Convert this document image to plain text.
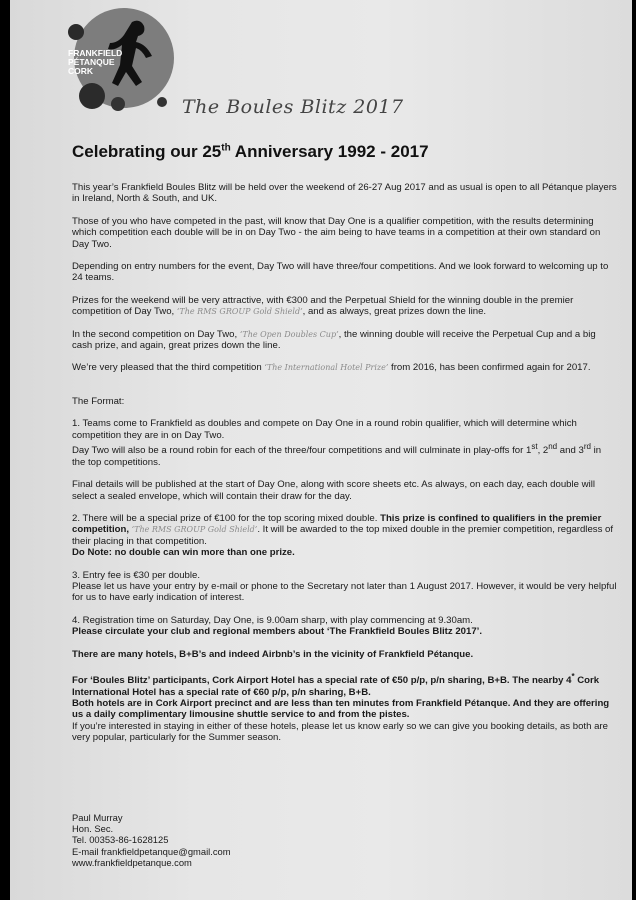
FRANKFIELD
PÉTANQUE
CORK
The Boules Blitz 2017
Celebrating our 25th Anniversary 1992 - 2017

This year’s Frankfield Boules Blitz will be held over the weekend of 26-27 Aug 2017 and as usual is open to all Pétanque players in Ireland, North & South, and UK.

Those of you who have competed in the past, will know that Day One is a qualifier competition, with the results determining which competition each double will be in on Day Two - the aim being to have teams in a competition at their own standard on Day Two.

Depending on entry numbers for the event, Day Two will have three/four competitions. And we look forward to welcoming up to 24 teams.

Prizes for the weekend will be very attractive, with €300 and the Perpetual Shield for the winning double in the premier competition of Day Two, ‘The RMS GROUP Gold Shield’, and as always, great prizes down the line.

In the second competition on Day Two, ‘The Open Doubles Cup’, the winning double will receive the Perpetual Cup and a big cash prize, and again, great prizes down the line.

We’re very pleased that the third competition ‘The International Hotel Prize’ from 2016, has been confirmed again for 2017.

The Format:

1. Teams come to Frankfield as doubles and compete on Day One in a round robin qualifier, which will determine which competition they are in on Day Two.

Day Two will also be a round robin for each of the three/four competitions and will culminate in play-offs for 1st, 2nd and 3rd in the top competitions.

Final details will be published at the start of Day One, along with score sheets etc. As always, on each day, each double will select a sealed envelope, which will contain their draw for the day.

2. There will be a special prize of €100 for the top scoring mixed double. This prize is confined to qualifiers in the premier competition, ‘The RMS GROUP Gold Shield’. It will be awarded to the top mixed double in the premier competition, regardless of their placing in that competition.

Do Note: no double can win more than one prize.

3. Entry fee is €30 per double.

Please let us have your entry by e-mail or phone to the Secretary not later than 1 August 2017. However, it would be very helpful for us to have early indication of interest.

4. Registration time on Saturday, Day One, is 9.00am sharp, with play commencing at 9.30am.

Please circulate your club and regional members about ‘The Frankfield Boules Blitz 2017’.

There are many hotels, B+B’s and indeed Airbnb’s in the vicinity of Frankfield Pétanque.

For ‘Boules Blitz’ participants, Cork Airport Hotel has a special rate of €50 p/p, p/n sharing, B+B. The nearby 4* Cork International Hotel has a special rate of €60 p/p, p/n sharing, B+B.

Both hotels are in Cork Airport precinct and are less than ten minutes from Frankfield Pétanque. And they are offering us a daily complimentary limousine shuttle service to and from the pistes.

If you’re interested in staying in either of these hotels, please let us know early so we can give you booking details, as both are very popular, particularly for the Summer season.

Paul Murray
Hon. Sec.
Tel. 00353-86-1628125
E-mail frankfieldpetanque@gmail.com
www.frankfieldpetanque.com
